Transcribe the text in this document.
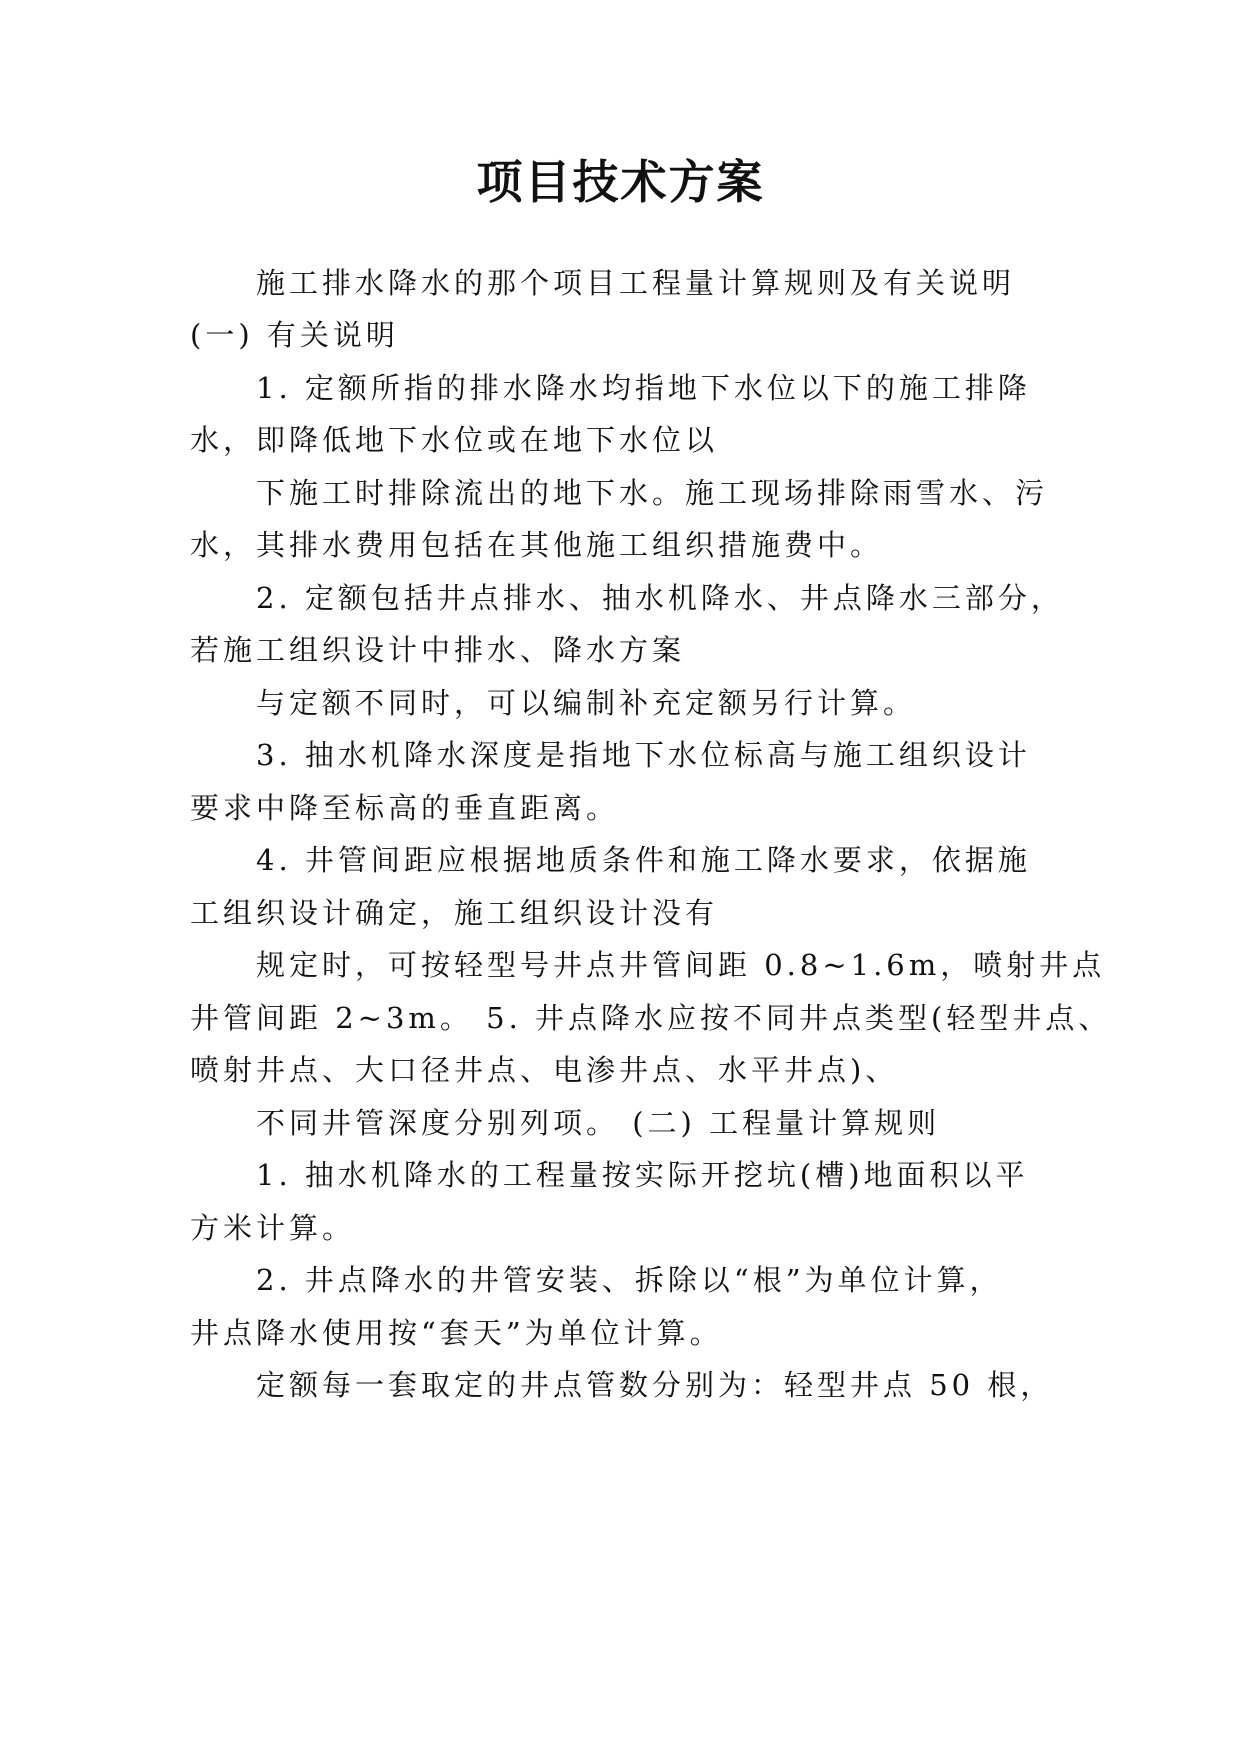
项目技术方案
施工排水降水的那个项目工程量计算规则及有关说明
(一) 有关说明
1. 定额所指的排水降水均指地下水位以下的施工排降
水，即降低地下水位或在地下水位以
下施工时排除流出的地下水。施工现场排除雨雪水、污
水，其排水费用包括在其他施工组织措施费中。
2. 定额包括井点排水、抽水机降水、井点降水三部分，
若施工组织设计中排水、降水方案
与定额不同时，可以编制补充定额另行计算。
3. 抽水机降水深度是指地下水位标高与施工组织设计
要求中降至标高的垂直距离。
4. 井管间距应根据地质条件和施工降水要求，依据施
工组织设计确定，施工组织设计没有
规定时，可按轻型号井点井管间距 0.8~1.6m，喷射井点
井管间距 2~3m。 5. 井点降水应按不同井点类型(轻型井点、
喷射井点、大口径井点、电渗井点、水平井点)、
不同井管深度分别列项。 (二) 工程量计算规则
1. 抽水机降水的工程量按实际开挖坑(槽)地面积以平
方米计算。
2. 井点降水的井管安装、拆除以“根”为单位计算，
井点降水使用按“套天”为单位计算。
定额每一套取定的井点管数分别为：轻型井点 50 根，
